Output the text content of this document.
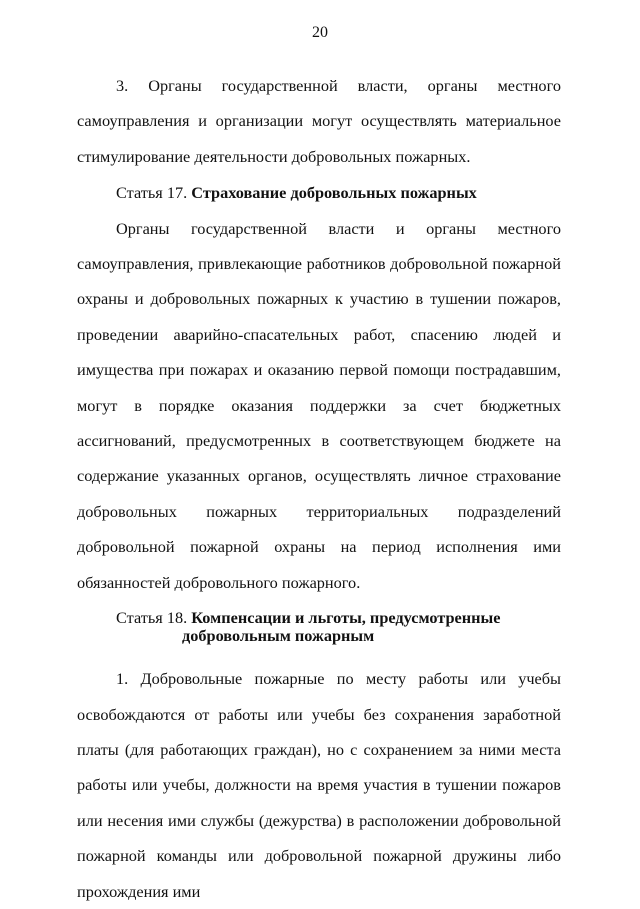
20

3. Органы государственной власти, органы местного самоуправления и организации могут осуществлять материальное стимулирование деятельности добровольных пожарных.

Статья 17. Страхование добровольных пожарных

Органы государственной власти и органы местного самоуправления, привлекающие работников добровольной пожарной охраны и добровольных пожарных к участию в тушении пожаров, проведении аварийно-спасательных работ, спасению людей и имущества при пожарах и оказанию первой помощи пострадавшим, могут в порядке оказания поддержки за счет бюджетных ассигнований, предусмотренных в соответствующем бюджете на содержание указанных органов, осуществлять личное страхование добровольных пожарных территориальных подразделений добровольной пожарной охраны на период исполнения ими обязанностей добровольного пожарного.

Статья 18. Компенсации и льготы, предусмотренные
добровольным пожарным

1. Добровольные пожарные по месту работы или учебы освобождаются от работы или учебы без сохранения заработной платы (для работающих граждан), но с сохранением за ними места работы или учебы, должности на время участия в тушении пожаров или несения ими службы (дежурства) в расположении добровольной пожарной команды или добровольной пожарной дружины либо прохождения ими
